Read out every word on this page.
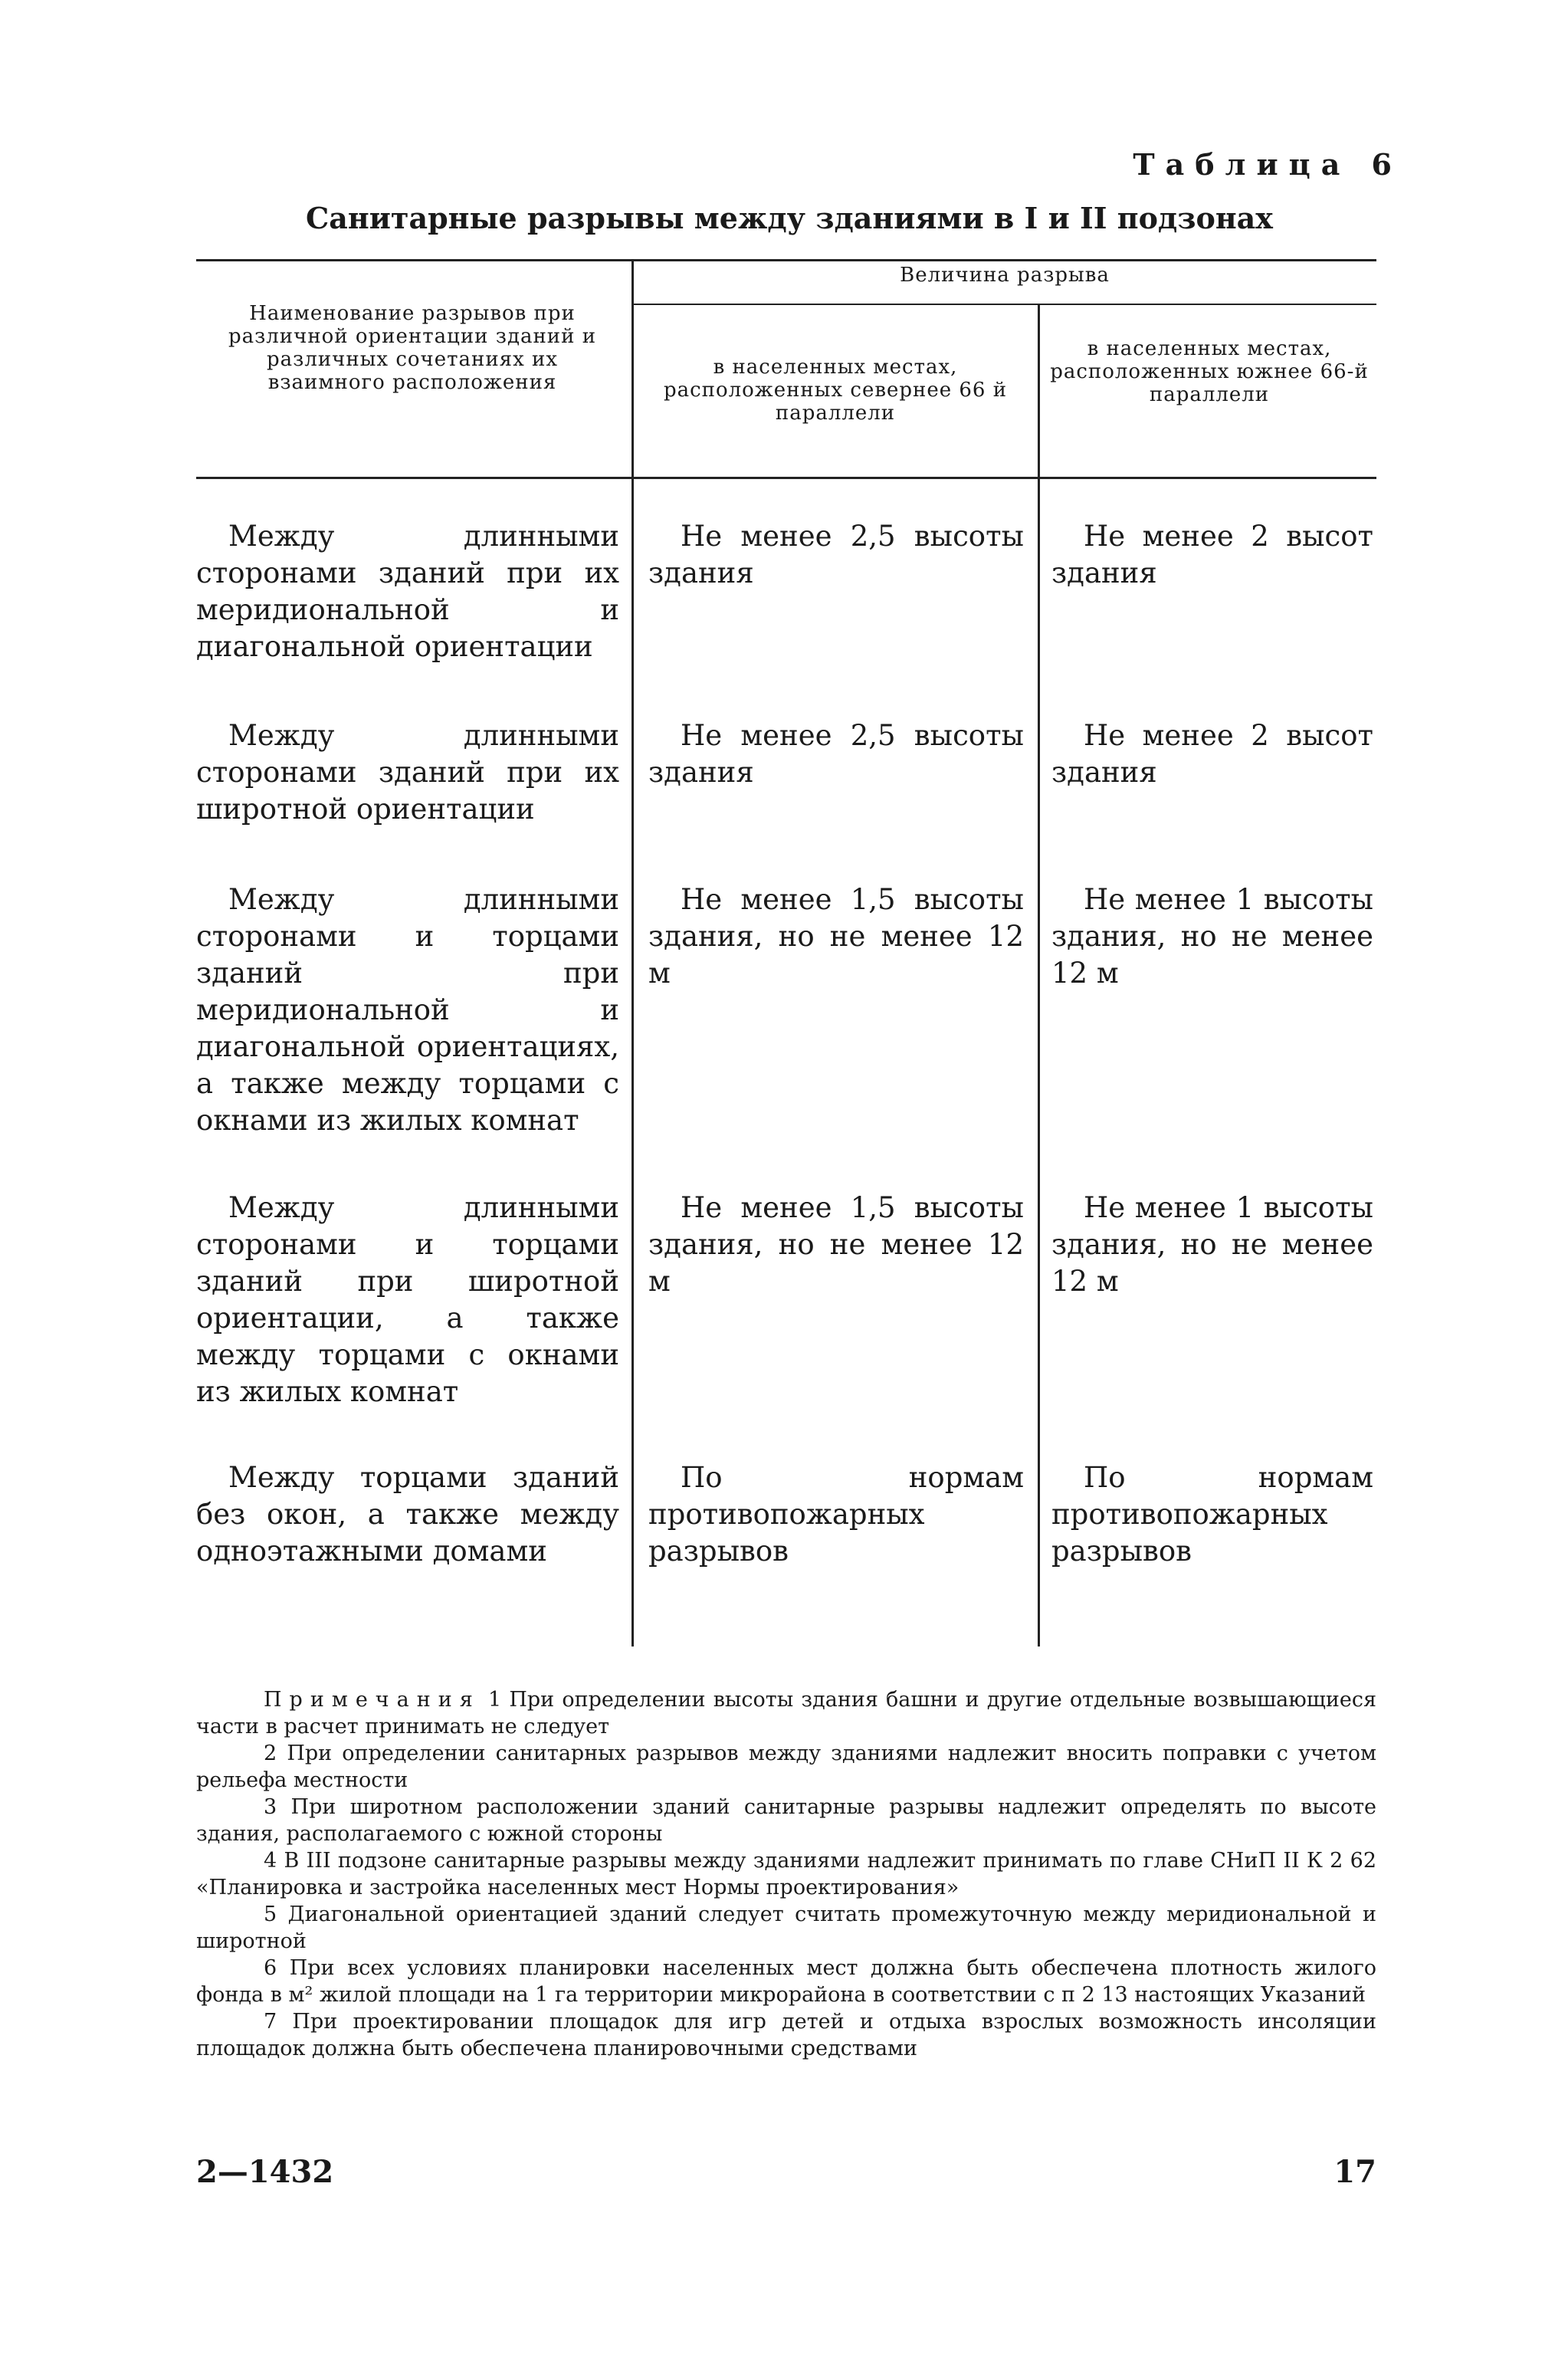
Таблица 6
Санитарные разрывы между зданиями в I и II подзонах
Наименование разрывов при различной ориентации зданий и различных сочетаниях их взаимного расположения
Величина разрыва
в населенных местах, расположенных севернее 66 й параллели
в населенных местах, расположенных южнее 66-й параллели
Между длинными сторонами зданий при их меридиональной и диагональной ориентации
Не менее 2,5 высоты здания
Не менее 2 высот здания
Между длинными сторонами зданий при их широтной ориентации
Не менее 2,5 высоты здания
Не менее 2 высот здания
Между длинными сторонами и торцами зданий при меридиональной и диагональной ориентациях, а также между торцами с окнами из жилых комнат
Не менее 1,5 высоты здания, но не менее 12 м
Не менее 1 высоты здания, но не менее 12 м
Между длинными сторонами и торцами зданий при широтной ориентации, а также между торцами с окнами из жилых комнат
Не менее 1,5 высоты здания, но не менее 12 м
Не менее 1 высоты здания, но не менее 12 м
Между торцами зданий без окон, а также между одноэтажными домами
По нормам противопожарных разрывов
По нормам противопожарных разрывов

Примечания 1 При определении высоты здания башни и другие отдельные возвышающиеся части в расчет принимать не следует

2 При определении санитарных разрывов между зданиями надлежит вносить поправки с учетом рельефа местности

3 При широтном расположении зданий санитарные разрывы надлежит определять по высоте здания, располагаемого с южной стороны

4 В III подзоне санитарные разрывы между зданиями надлежит принимать по главе СНиП II К 2 62 «Планировка и застройка населенных мест Нормы проектирования»

5 Диагональной ориентацией зданий следует считать промежуточную между меридиональной и широтной

6 При всех условиях планировки населенных мест должна быть обеспечена плотность жилого фонда в м² жилой площади на 1 га территории микрорайона в соответствии с п 2 13 настоящих Указаний

7 При проектировании площадок для игр детей и отдыха взрослых возможность инсоляции площадок должна быть обеспечена планировочными средствами

2—1432	17
